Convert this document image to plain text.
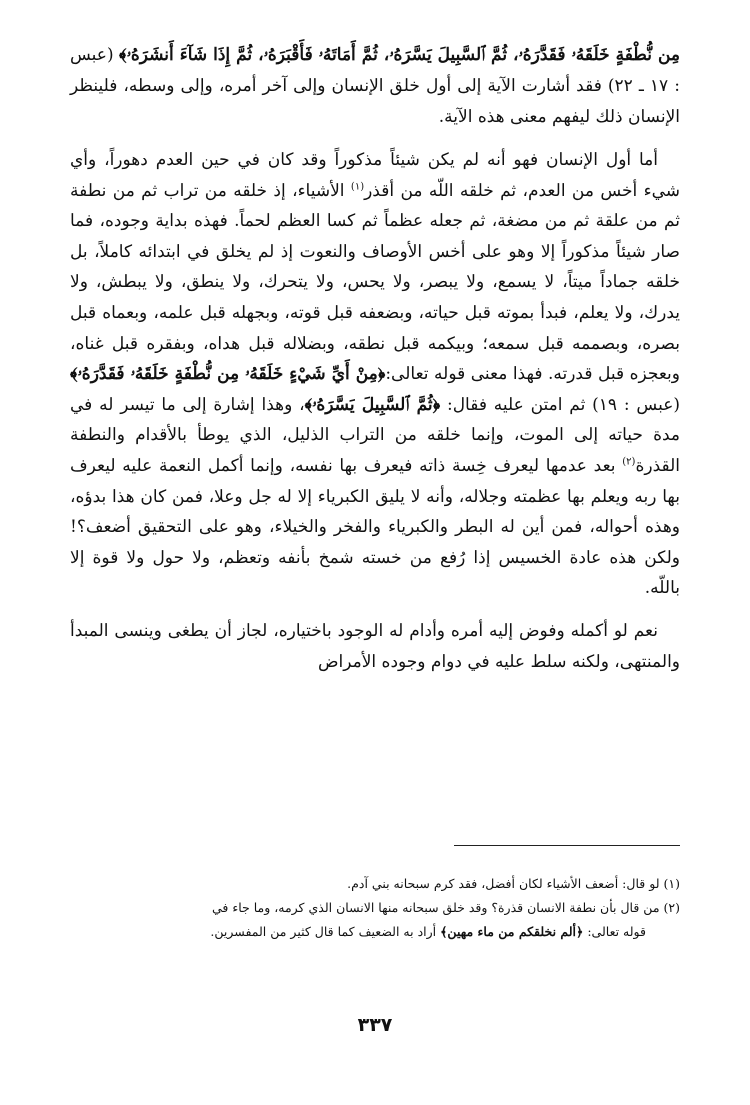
مِن نُّطْفَةٍ خَلَقَهُۥ فَقَدَّرَهُۥ، ثُمَّ ٱلسَّبِيلَ يَسَّرَهُۥ، ثُمَّ أَمَاتَهُۥ فَأَقْبَرَهُۥ، ثُمَّ إِذَا شَآءَ أَنشَرَهُۥ﴾ (عبس : ١٧ ـ ٢٢) فقد أشارت الآية إلى أول خلق الإنسان وإلى آخر أمره، وإلى وسطه، فلينظر الإنسان ذلك ليفهم معنى هذه الآية.

أما أول الإنسان فهو أنه لم يكن شيئاً مذكوراً وقد كان في حين العدم دهوراً، وأي شيء أخس من العدم، ثم خلقه اللّه من أقذر$^{(١)}$ الأشياء، إذ خلقه من تراب ثم من نطفة ثم من علقة ثم من مضغة، ثم جعله عظماً ثم كسا العظم لحماً. فهذه بداية وجوده، فما صار شيئاً مذكوراً إلا وهو على أخس الأوصاف والنعوت إذ لم يخلق في ابتدائه كاملاً، بل خلقه جماداً ميتاً، لا يسمع، ولا يبصر، ولا يحس، ولا يتحرك، ولا ينطق، ولا يبطش، ولا يدرك، ولا يعلم، فبدأ بموته قبل حياته، وبضعفه قبل قوته، وبجهله قبل علمه، وبعماه قبل بصره، وبصممه قبل سمعه؛ وبيكمه قبل نطقه، وبضلاله قبل هداه، وبفقره قبل غناه، وبعجزه قبل قدرته. فهذا معنى قوله تعالى:﴿مِنْ أَيِّ شَيْءٍ خَلَقَهُۥ مِن نُّطْفَةٍ خَلَقَهُۥ فَقَدَّرَهُۥ﴾(عبس : ١٩) ثم امتن عليه فقال: ﴿ثُمَّ ٱلسَّبِيلَ يَسَّرَهُۥ﴾، وهذا إشارة إلى ما تيسر له في مدة حياته إلى الموت، وإنما خلقه من التراب الذليل، الذي يوطأ بالأقدام والنطفة القذرة$^{(٢)}$ بعد عدمها ليعرف خِسة ذاته فيعرف بها نفسه، وإنما أكمل النعمة عليه ليعرف بها ربه ويعلم بها عظمته وجلاله، وأنه لا يليق الكبرياء إلا له جل وعلا، فمن كان هذا بدؤه، وهذه أحواله، فمن أين له البطر والكبرياء والفخر والخيلاء، وهو على التحقيق أضعف؟! ولكن هذه عادة الخسيس إذا رُفع من خسته شمخ بأنفه وتعظم، ولا حول ولا قوة إلا باللّه.

نعم لو أكمله وفوض إليه أمره وأدام له الوجود باختياره، لجاز أن يطغى وينسى المبدأ والمنتهى، ولكنه سلط عليه في دوام وجوده الأمراض

(١) لو قال: أضعف الأشياء لكان أفضل، فقد كرم سبحانه بني آدم.

(٢) من قال بأن نطفة الانسان قذرة؟ وقد خلق سبحانه منها الانسان الذي كرمه، وما جاء في

قوله تعالى: ﴿ألم نخلقكم من ماء مهين﴾ أراد به الضعيف كما قال كثير من المفسرين.

٣٣٧
